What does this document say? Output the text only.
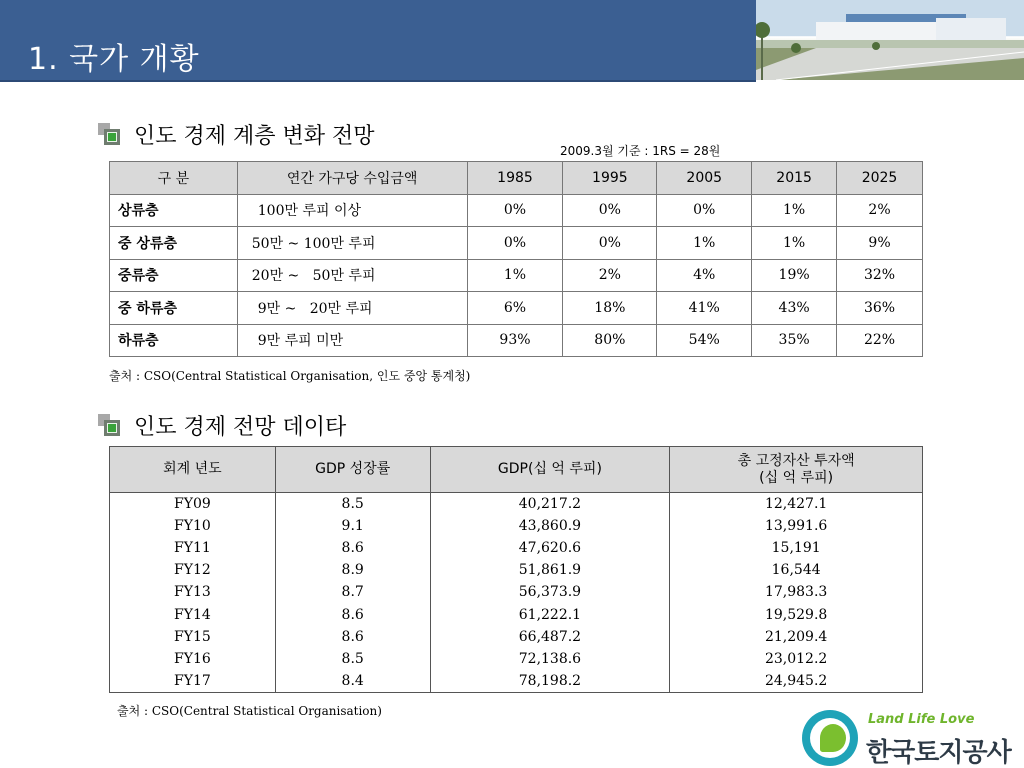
1. 국가 개황
인도 경제 계층 변화 전망
2009.3월 기준 : 1RS = 28원
구 분	연간 가구당 수입금액	1985	1995	2005	2015	2025
상류층	100만 루피 이상	0%	0%	0%	1%	2%
중 상류층	50만 ~ 100만 루피	0%	0%	1%	1%	9%
중류층	20만 ~   50만 루피	1%	2%	4%	19%	32%
중 하류층	9만 ~   20만 루피	6%	18%	41%	43%	36%
하류층	9만 루피 미만	93%	80%	54%	35%	22%
출처 : CSO(Central Statistical Organisation, 인도 중앙 통계청)
인도 경제 전망 데이타
회계 년도	GDP 성장률	GDP(십 억 루피)	총 고정자산 투자액
(십 억 루피)

FY09	8.5	40,217.2	12,427.1
FY10	9.1	43,860.9	13,991.6
FY11	8.6	47,620.6	15,191
FY12	8.9	51,861.9	16,544
FY13	8.7	56,373.9	17,983.3
FY14	8.6	61,222.1	19,529.8
FY15	8.6	66,487.2	21,209.4
FY16	8.5	72,138.6	23,012.2
FY17	8.4	78,198.2	24,945.2
출처 : CSO(Central Statistical Organisation)
Land Life Love
한국토지공사
